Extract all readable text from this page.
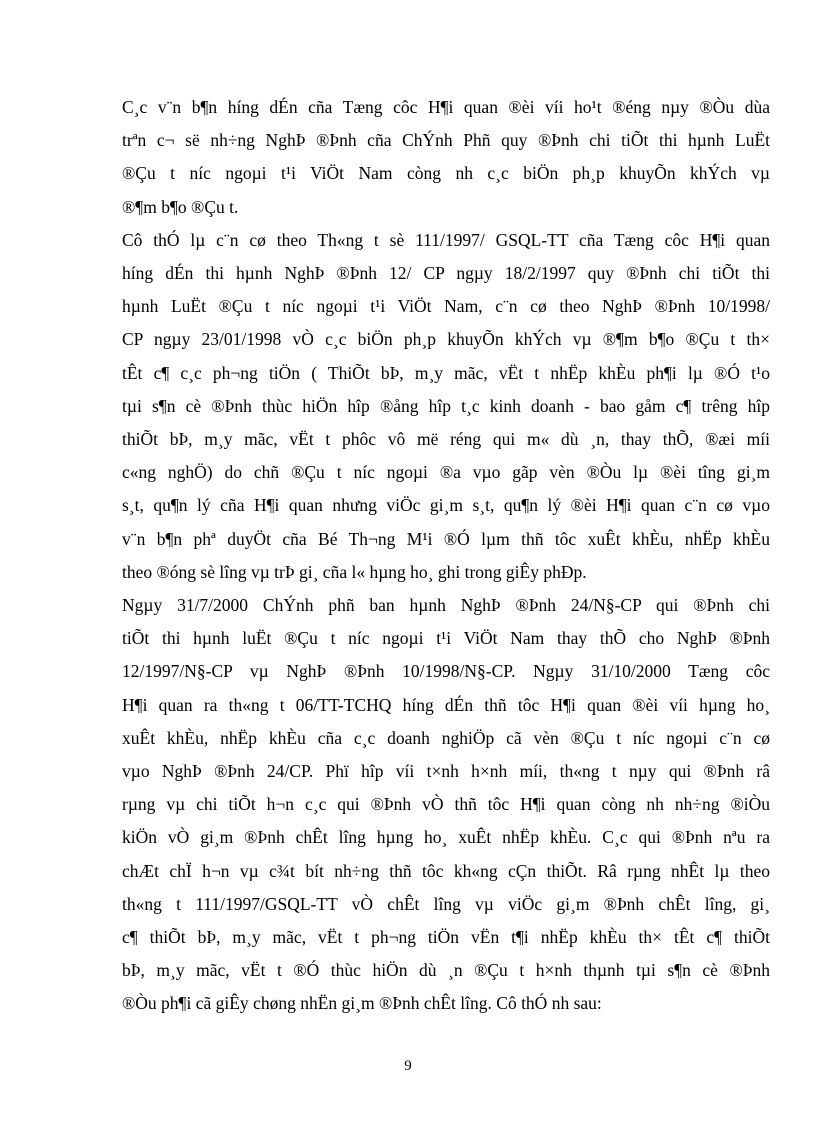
C¸c v¨n b¶n híng dÉn cña Tæng côc H¶i quan ®èi víi ho¹t ®éng nµy ®Òu dùa
trªn c¬ së nh÷ng NghÞ ®Þnh cña ChÝnh Phñ quy ®Þnh chi tiÕt thi hµnh LuËt
®Çu t níc ngoµi t¹i ViÖt Nam còng nh c¸c biÖn ph¸p khuyÕn khÝch vµ
®¶m b¶o ®Çu t.
Cô thÓ lµ c¨n cø theo Th«ng t sè 111/1997/ GSQL-TT cña Tæng côc H¶i quan
híng dÉn thi hµnh NghÞ ®Þnh 12/ CP ngµy 18/2/1997 quy ®Þnh chi tiÕt thi
hµnh LuËt ®Çu t níc ngoµi t¹i ViÖt Nam, c¨n cø theo NghÞ ®Þnh 10/1998/
CP ngµy 23/01/1998 vÒ c¸c biÖn ph¸p khuyÕn khÝch vµ ®¶m b¶o ®Çu t th×
tÊt c¶ c¸c ph¬ng tiÖn ( ThiÕt bÞ, m¸y mãc, vËt t nhËp khÈu ph¶i lµ ®Ó t¹o
tµi s¶n cè ®Þnh thùc hiÖn hîp ®ång hîp t¸c kinh doanh - bao gåm c¶ trêng hîp
thiÕt bÞ, m¸y mãc, vËt t phôc vô më réng qui m« dù ¸n, thay thÕ, ®æi míi
c«ng nghÖ) do chñ ®Çu t níc ngoµi ®a vµo gãp vèn ®Òu lµ ®èi tîng gi¸m
s¸t, qu¶n lý cña H¶i quan nhưng viÖc gi¸m s¸t, qu¶n lý ®èi H¶i quan c¨n cø vµo
v¨n b¶n phª duyÖt cña Bé Th¬ng M¹i ®Ó lµm thñ tôc xuÊt khÈu, nhËp khÈu
theo ®óng sè lîng vµ trÞ gi¸ cña l« hµng ho¸ ghi trong giÊy phÐp.
Ngµy 31/7/2000 ChÝnh phñ ban hµnh NghÞ ®Þnh 24/N§-CP qui ®Þnh chi
tiÕt thi hµnh luËt ®Çu t níc ngoµi t¹i ViÖt Nam thay thÕ cho NghÞ ®Þnh
12/1997/N§-CP vµ NghÞ ®Þnh 10/1998/N§-CP. Ngµy 31/10/2000 Tæng côc
H¶i quan ra th«ng t 06/TT-TCHQ híng dÉn thñ tôc H¶i quan ®èi víi hµng ho¸
xuÊt khÈu, nhËp khÈu cña c¸c doanh nghiÖp cã vèn ®Çu t níc ngoµi c¨n cø
vµo NghÞ ®Þnh 24/CP. Phï hîp víi t×nh h×nh míi, th«ng t nµy qui ®Þnh râ
rµng vµ chi tiÕt h¬n c¸c qui ®Þnh vÒ thñ tôc H¶i quan còng nh nh÷ng ®iÒu
kiÖn vÒ gi¸m ®Þnh chÊt lîng hµng ho¸ xuÊt nhËp khÈu. C¸c qui ®Þnh nªu ra
chÆt chÏ h¬n vµ c¾t bít nh÷ng thñ tôc kh«ng cÇn thiÕt. Râ rµng nhÊt lµ theo
th«ng t 111/1997/GSQL-TT vÒ chÊt lîng vµ viÖc gi¸m ®Þnh chÊt lîng, gi¸
c¶ thiÕt bÞ, m¸y mãc, vËt t ph¬ng tiÖn vËn t¶i nhËp khÈu th× tÊt c¶ thiÕt
bÞ, m¸y mãc, vËt t ®Ó thùc hiÖn dù ¸n ®Çu t h×nh thµnh tµi s¶n cè ®Þnh
®Òu ph¶i cã giÊy chøng nhËn gi¸m ®Þnh chÊt lîng. Cô thÓ nh sau:
9
